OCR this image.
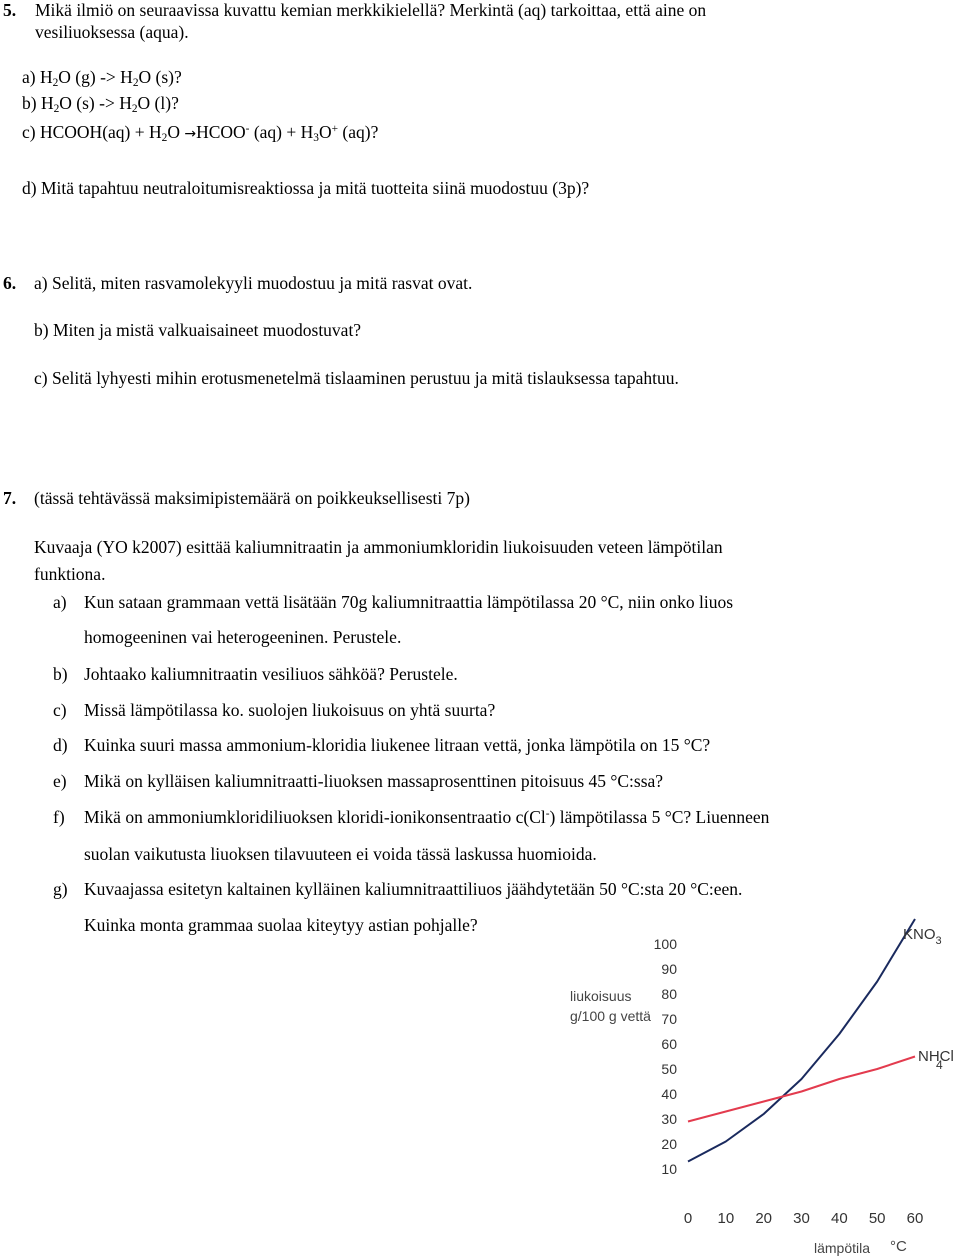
5. Mikä ilmiö on seuraavissa kuvattu kemian merkkikielellä? Merkintä (aq) tarkoittaa, että aine on
vesiliuoksessa (aqua).
a) $H_2O$ $(g) -> H_2O$ (s)?
b) $H_2O$ $(s) -> H_2O$ (l)?
c) HCOOH(aq) + $H_2O$ →HCOO- $(aq) + H_3O^+$ (aq)?
d) Mitä tapahtuu neutraloitumisreaktiossa ja mitä tuotteita siinä muodostuu (3p)?
6. a) Selitä, miten rasvamolekyyli muodostuu ja mitä rasvat ovat.
b) Miten ja mistä valkuaisaineet muodostuvat?
c) Selitä lyhyesti mihin erotusmenetelmä tislaaminen perustuu ja mitä tislauksessa tapahtuu.
7. (tässä tehtävässä maksimipistemäärä on poikkeuksellisesti 7p)
Kuvaaja (YO k2007) esittää kaliumnitraatin ja ammoniumkloridin liukoisuuden veteen lämpötilan
funktiona.
a) Kun sataan grammaan vettä lisätään 70g kaliumnitraattia lämpötilassa 20 °C, niin onko liuos
homogeeninen vai heterogeeninen. Perustele.
b) Johtaako kaliumnitraatin vesiliuos sähköä? Perustele.
c) Missä lämpötilassa ko. suolojen liukoisuus on yhtä suurta?
d) Kuinka suuri massa ammonium-kloridia liukenee litraan vettä, jonka lämpötila on 15 °C?
e) Mikä on kylläisen kaliumnitraatti-liuoksen massaprosenttinen pitoisuus 45 °C:ssa?
f) Mikä on ammoniumkloridiliuoksen kloridi-ionikonsentraatio c(Cl-) lämpötilassa 5 °C? Liuenneen
suolan vaikutusta liuoksen tilavuuteen ei voida tässä laskussa huomioida.
g) Kuvaajassa esitetyn kaltainen kylläinen kaliumnitraattiliuos jäähdytetään 50 °C:sta 20 °C:een.
Kuinka monta grammaa suolaa kiteytyy astian pohjalle?
10
20
30
40
50
60
70
80
90
100
0 10 20 30 40 50 60
liukoisuus
g/100 g vettä
lämpötila °C
$KNO_3$
NHCl
4
